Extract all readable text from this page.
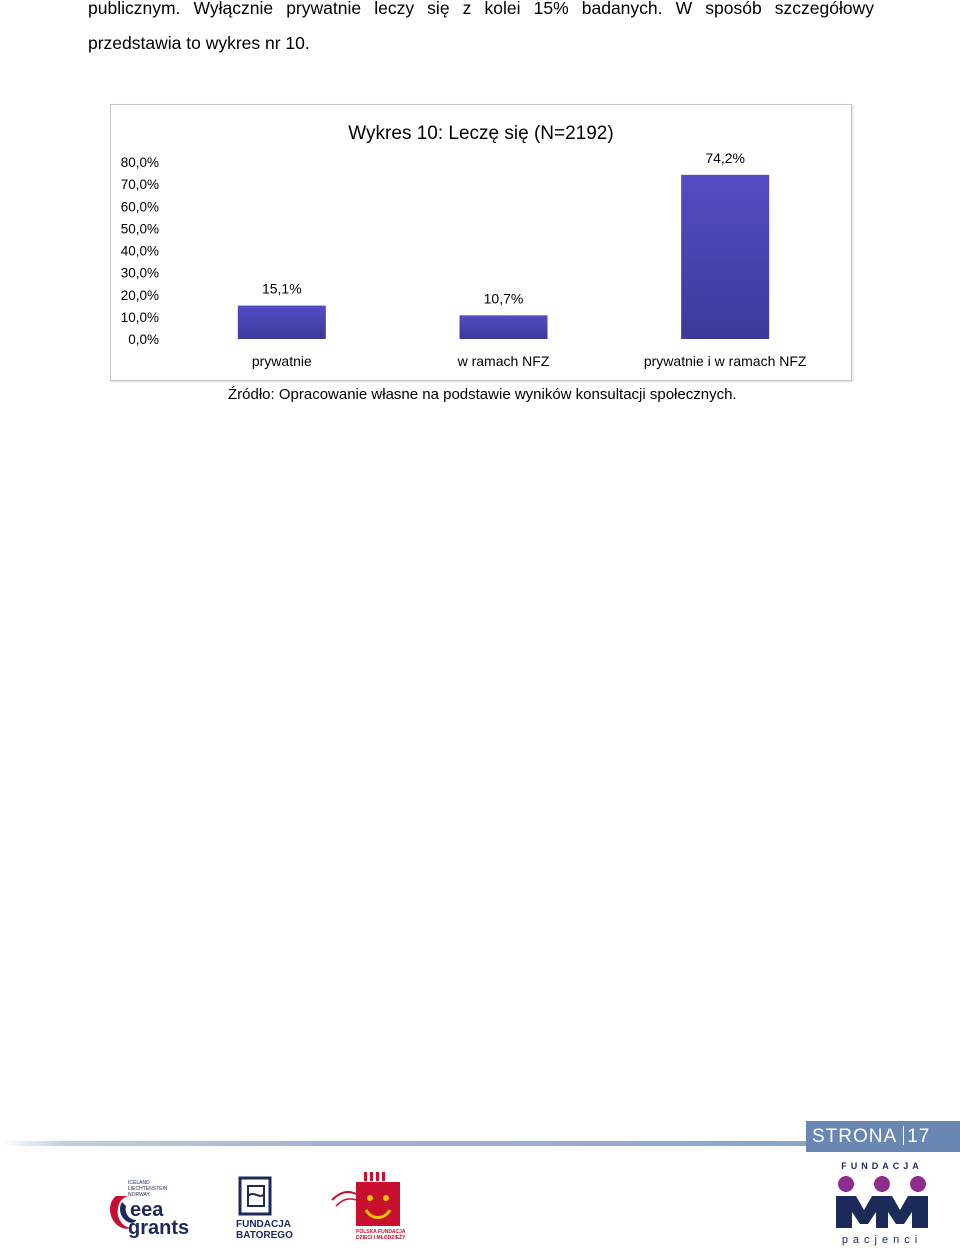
publicznym. Wyłącznie prywatnie leczy się z kolei 15% badanych. W sposób szczegółowy
przedstawia to wykres nr 10.
Wykres 10: Leczę się (N=2192)
0,0%
10,0%
20,0%
30,0%
40,0%
50,0%
60,0%
70,0%
80,0%
15,1%
10,7%
74,2%
prywatnie	w ramach NFZ	prywatnie i w ramach NFZ
Źródło: Opracowanie własne na podstawie wyników konsultacji społecznych.
STRONA 17
ICELAND
LIECHTENSTEIN
NORWAY
eea
grants	FUNDACJA
BATOREGO	POLSKA FUNDACJA
DZIECI I MŁODZIEŻY
FUNDACJA
pacjenci
